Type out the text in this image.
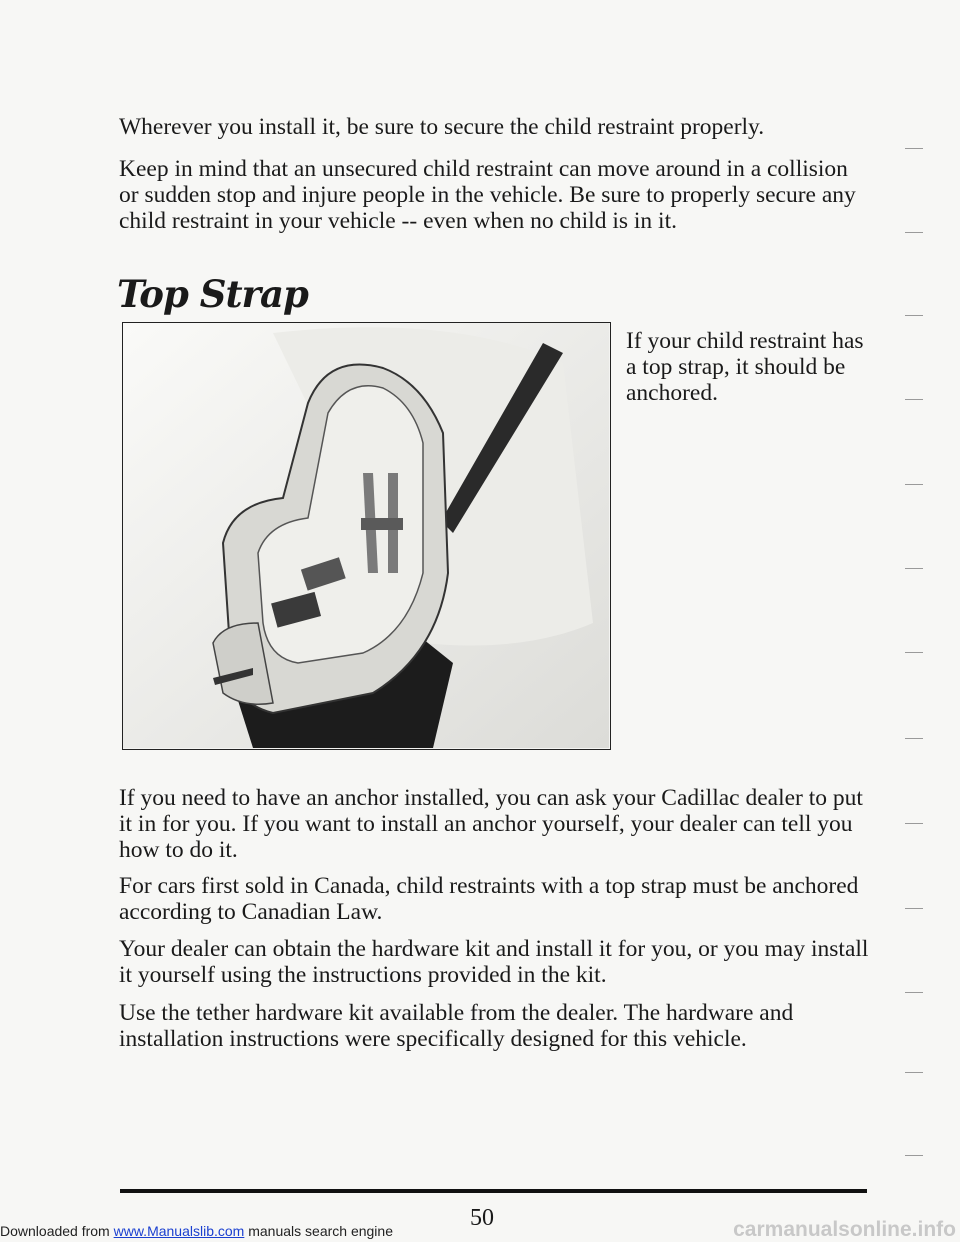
Wherever you install it, be sure to secure the child restraint properly.

Keep in mind that an unsecured child restraint can move around in a collision or sudden stop and injure people in the vehicle. Be sure to properly secure any child restraint in your vehicle -- even when no child is in it.

Top Strap

If your child restraint has a top strap, it should be anchored.

If you need to have an anchor installed, you can ask your Cadillac dealer to put it in for you. If you want to install an anchor yourself, your dealer can tell you how to do it.

For cars first sold in Canada, child restraints with a top strap must be anchored according to Canadian Law.

Your dealer can obtain the hardware kit and install it for you, or you may install it yourself using the instructions provided in the kit.

Use the tether hardware kit available from the dealer. The hardware and installation instructions were specifically designed for this vehicle.

50
Downloaded from www.Manualslib.com manuals search engine	carmanualsonline.info
